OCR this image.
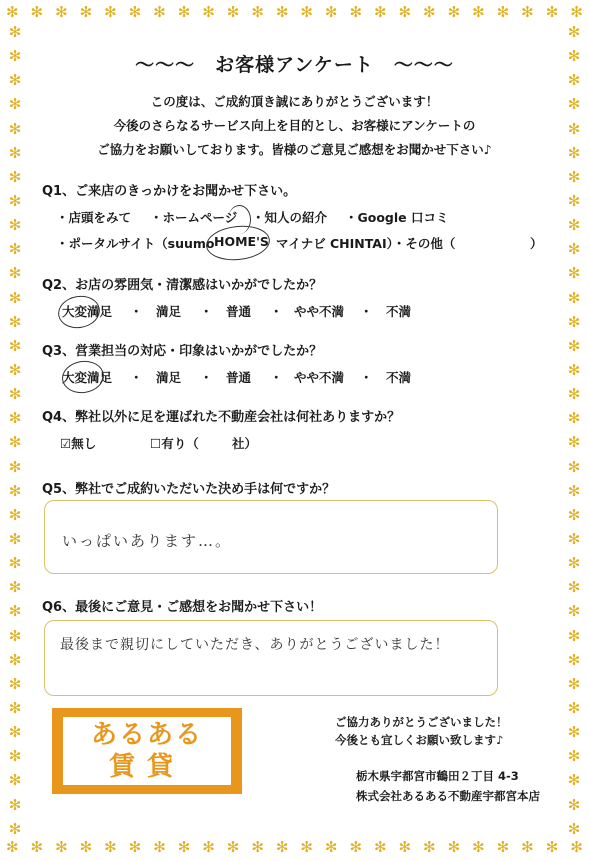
✻ ✻ ✻ ✻ ✻ ✻ ✻ ✻ ✻ ✻ ✻ ✻ ✻ ✻ ✻ ✻ ✻ ✻ ✻ ✻ ✻ ✻ ✻ ✻
✻ ✻ ✻ ✻ ✻ ✻ ✻ ✻ ✻ ✻ ✻ ✻ ✻ ✻ ✻ ✻ ✻ ✻ ✻ ✻ ✻ ✻ ✻ ✻
✻
✻
✻
✻
✻
✻
✻
✻
✻
✻
✻
✻
✻
✻
✻
✻
✻
✻
✻
✻
✻
✻
✻
✻
✻
✻
✻
✻
✻
✻
✻
✻
✻
✻
✻
✻
✻
✻
✻
✻
✻
✻
✻
✻
✻
✻
✻
✻
✻
✻
✻
✻
✻
✻
✻
✻
✻
✻
✻
✻
✻
✻
✻
✻
✻
✻
✻
✻
〜〜〜　お客様アンケート　〜〜〜
この度は、ご成約頂き誠にありがとうございます！
今後のさらなるサービス向上を目的とし、お客様にアンケートの
ご協力をお願いしております。皆様のご意見ご感想をお聞かせ下さい♪
Q1、ご来店のきっかけをお聞かせ下さい。
・店頭をみて ・ホームページ ・知人の紹介 ・Google 口コミ
・ポータルサイト（suumo HOME'S マイナビ CHINTAI）・その他（	）
Q2、お店の雰囲気・清潔感はいかがでしたか？
大変満足 ・ 満足 ・ 普通 ・ やや不満 ・ 不満
Q3、営業担当の対応・印象はいかがでしたか？
大変満足 ・ 満足 ・ 普通 ・ やや不満 ・ 不満
Q4、弊社以外に足を運ばれた不動産会社は何社ありますか？
☑無し	☐有り（	社）
Q5、弊社でご成約いただいた決め手は何ですか？
いっぱいあります…。
Q6、最後にご意見・ご感想をお聞かせ下さい！
最後まで親切にしていただき、ありがとうございました！
あるある
賃貸
ご協力ありがとうございました！
今後とも宜しくお願い致します♪
栃木県宇都宮市鶴田２丁目 4-3
株式会社あるある不動産宇都宮本店
